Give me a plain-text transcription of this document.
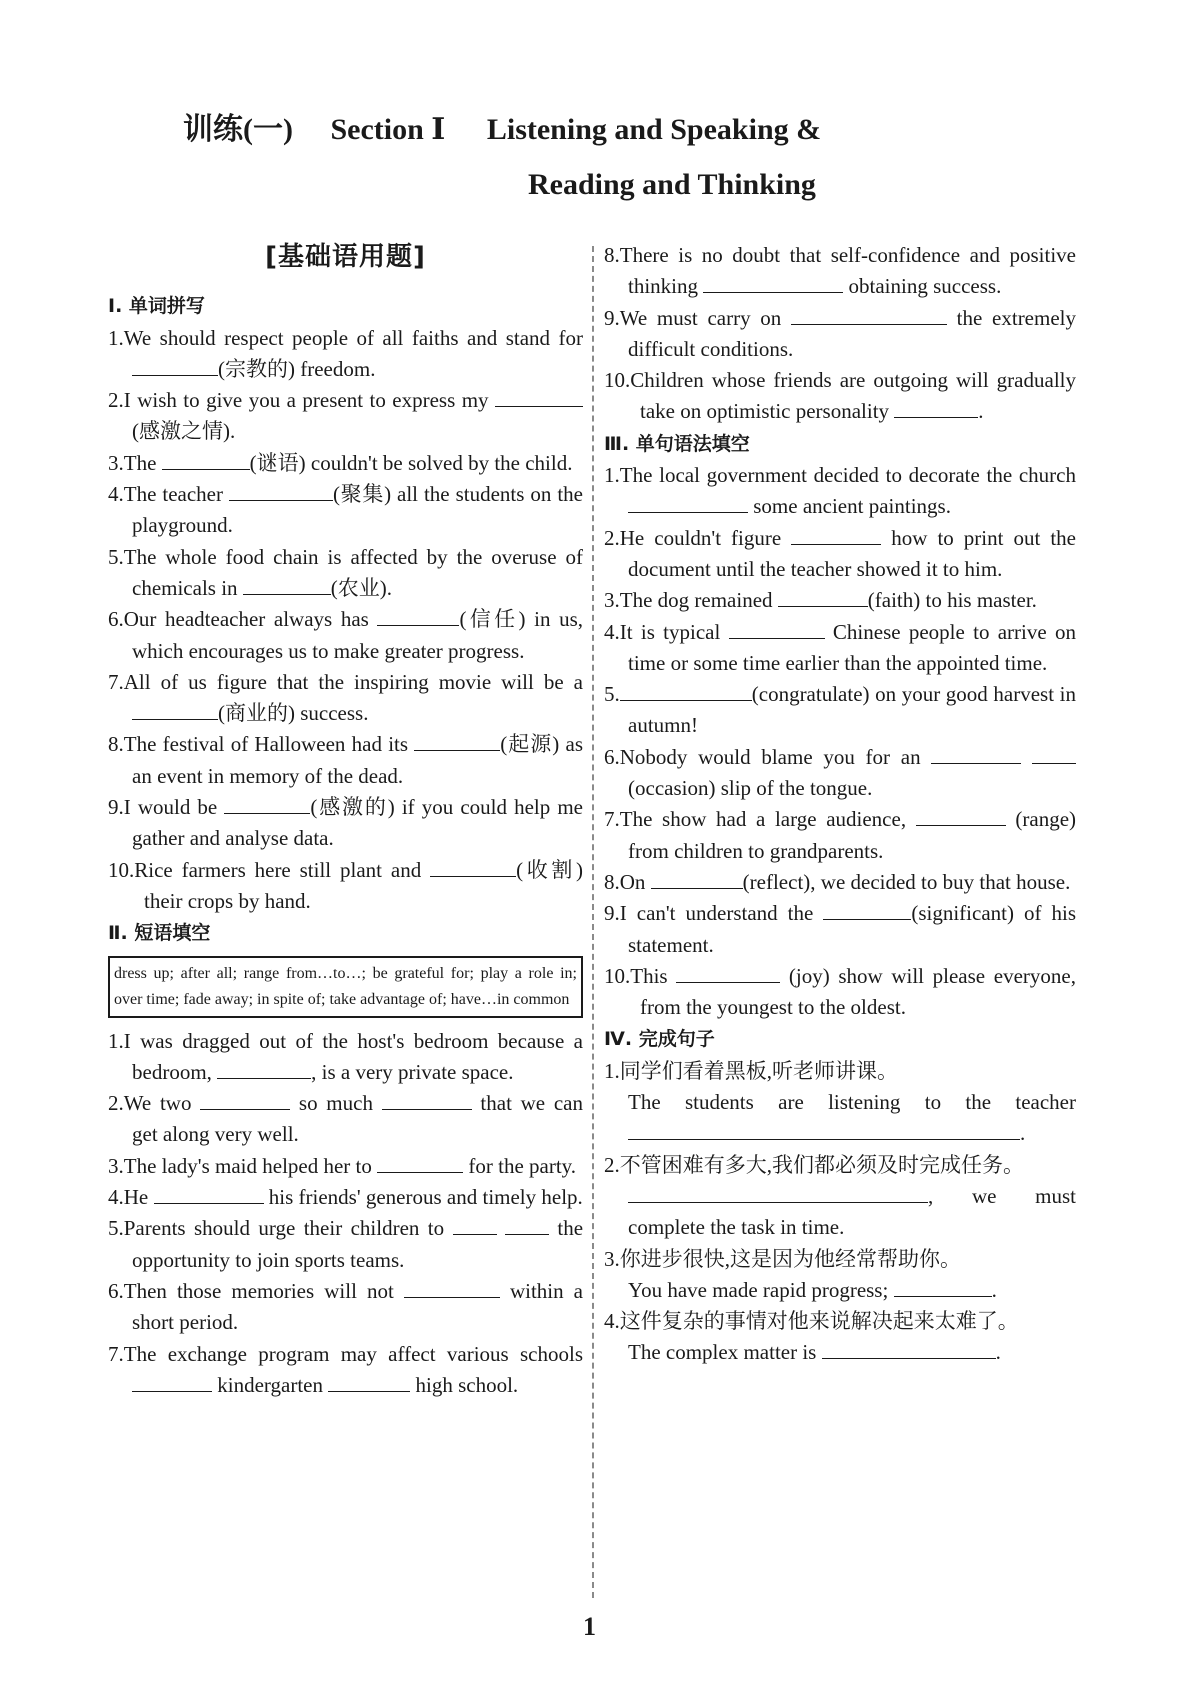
训练(一) Section Ⅰ Listening and Speaking &
Reading and Thinking
[基础语用题]
Ⅰ. 单词拼写

1.We should respect people of all faiths and stand for (宗教的) freedom.

2.I wish to give you a present to express my (感激之情).

3.The	(谜语) couldn't be solved by the child.

4.The teacher	(聚集) all the students on the playground.

5.The whole food chain is affected by the overuse of chemicals in	(农业).

6.Our headteacher always has	(信任) in us, which encourages us to make greater progress.

7.All of us figure that the inspiring movie will be a (商业的) success.

8.The festival of Halloween had its	(起源) as an event in memory of the dead.

9.I would be	(感激的) if you could help me gather and analyse data.

10.Rice farmers here still plant and	(收割) their crops by hand.

Ⅱ. 短语填空
dress up; after all; range from…to…; be grateful for; play a role in; over time; fade away; in spite of; take advantage of; have…in common

1.I was dragged out of the host's bedroom because a bedroom,	, is a very private space.

2.We two	so much	that we can get along very well.

3.The lady's maid helped her to	for the party.

4.He	his friends' generous and timely help.

5.Parents should urge their children to	the opportunity to join sports teams.

6.Then those memories will not	within a short period.

7.The exchange program may affect various schools  kindergarten	high school.

8.There is no doubt that self-confidence and positive thinking	obtaining success.

9.We must carry on	the extremely difficult conditions.

10.Children whose friends are outgoing will gradually take on optimistic personality	.

Ⅲ. 单句语法填空

1.The local government decided to decorate the church  some ancient paintings.

2.He couldn't figure	how to print out the document until the teacher showed it to him.

3.The dog remained	(faith) to his master.

4.It is typical	Chinese people to arrive on time or some time earlier than the appointed time.

5.	(congratulate) on your good harvest in autumn!

6.Nobody would blame you for an  (occasion) slip of the tongue.

7.The show had a large audience,	(range) from children to grandparents.

8.On	(reflect), we decided to buy that house.

9.I can't understand the	(significant) of his statement.

10.This	(joy) show will please everyone, from the youngest to the oldest.

Ⅳ. 完成句子

1.同学们看着黑板,听老师讲课。
The students are listening to the teacher .

2.不管困难有多大,我们都必须及时完成任务。
, we must complete the task in time.

3.你进步很快,这是因为他经常帮助你。
You have made rapid progress;	.

4.这件复杂的事情对他来说解决起来太难了。
The complex matter is	.

1
